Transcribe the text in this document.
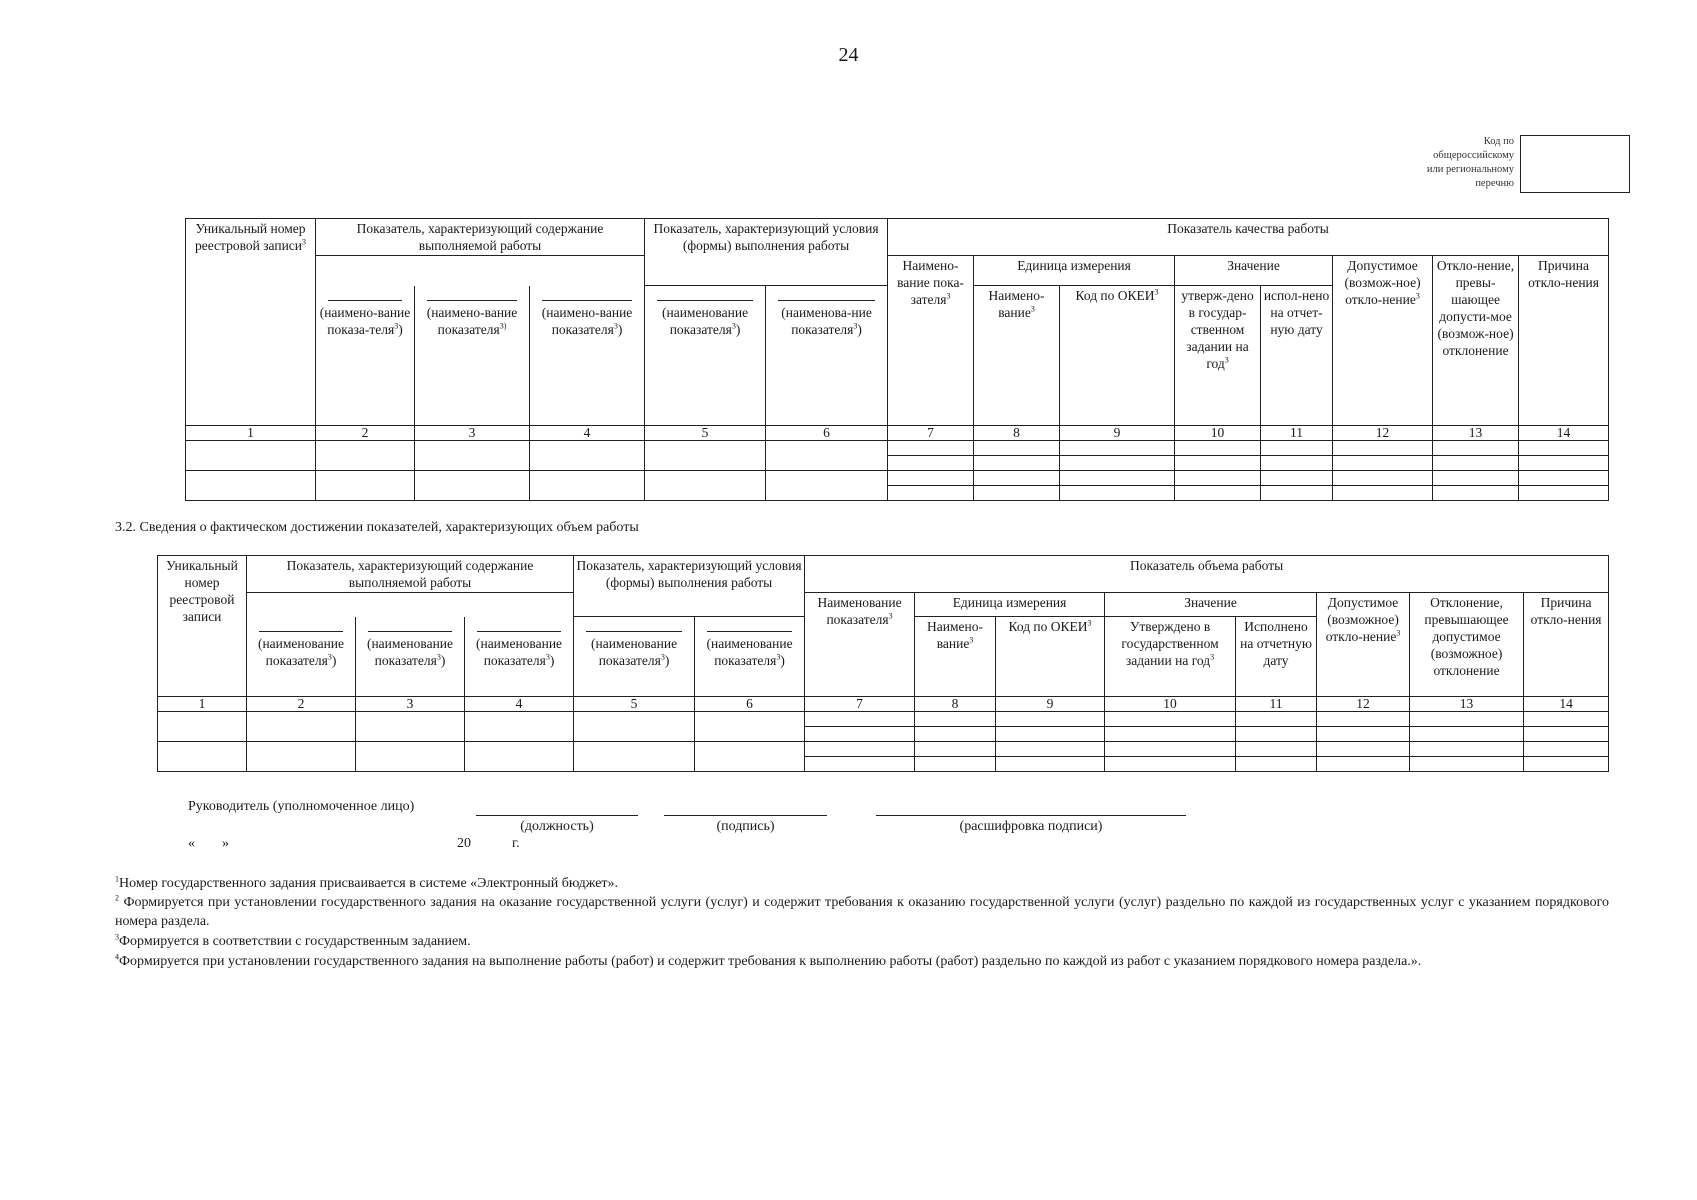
24
Код по
общероссийскому
или региональному
перечню
Уникальный номер реестровой записи$^3$	Показатель, характеризующий содержание выполняемой работы			Показатель, характеризующий условия (формы) выполнения работы		Показатель качества работы							
						Наимено-вание пока-зателя$^3$	Единица измерения		Значение		Допустимое (возмож-ное) откло-нение$^3$	Откло-нение, превы-шающее допусти-мое (возмож-ное) отклонение	Причина откло-нения

(наимено-вание показа-теля$^3$)	(наимено-вание показателя$^{3)}$	(наимено-вание показателя$^3$)	(наименование показателя$^3$)	(наименова-ние показателя$^3$)		Наимено-вание$^3$	Код по ОКЕИ$^3$	утверж-дено в государ-ственном задании на год$^3$	испол-нено на отчет-ную дату			
1	2	3	4	5	6	7	8	9	10	11	12	13	14

3.2. Сведения о фактическом достижении показателей, характеризующих объем работы
Уникальный номер реестровой записи	Показатель, характеризующий содержание выполняемой работы			Показатель, характеризующий условия (формы) выполнения работы		Показатель объема работы							
						Наименование показателя$^3$	Единица измерения		Значение		Допустимое (возможное) откло-нение$^3$	Отклонение, превышающее допустимое (возможное) отклонение	Причина откло-нения

(наименование показателя$^3$)	(наименование показателя$^3$)	(наименование показателя$^3$)	(наименование показателя$^3$)	(наименование показателя$^3$)		Наимено-вание$^3$	Код по ОКЕИ$^3$	Утверждено в государственном задании на год$^3$	Исполнено на отчетную дату			
1	2	3	4	5	6	7	8	9	10	11	12	13	14

Руководитель (уполномоченное лицо)
(должность)	(подпись)	(расшифровка подписи)
« »	20	г.
$^1$Номер государственного задания присваивается в системе «Электронный бюджет».
$^2$ Формируется при установлении государственного задания на оказание государственной услуги (услуг) и содержит требования к оказанию государственной услуги (услуг) раздельно по каждой из государственных услуг с указанием порядкового номера раздела.
$^3$Формируется в соответствии с государственным заданием.
$^4$Формируется при установлении государственного задания на выполнение работы (работ) и содержит требования к выполнению работы (работ) раздельно по каждой из работ с указанием порядкового номера раздела.».
